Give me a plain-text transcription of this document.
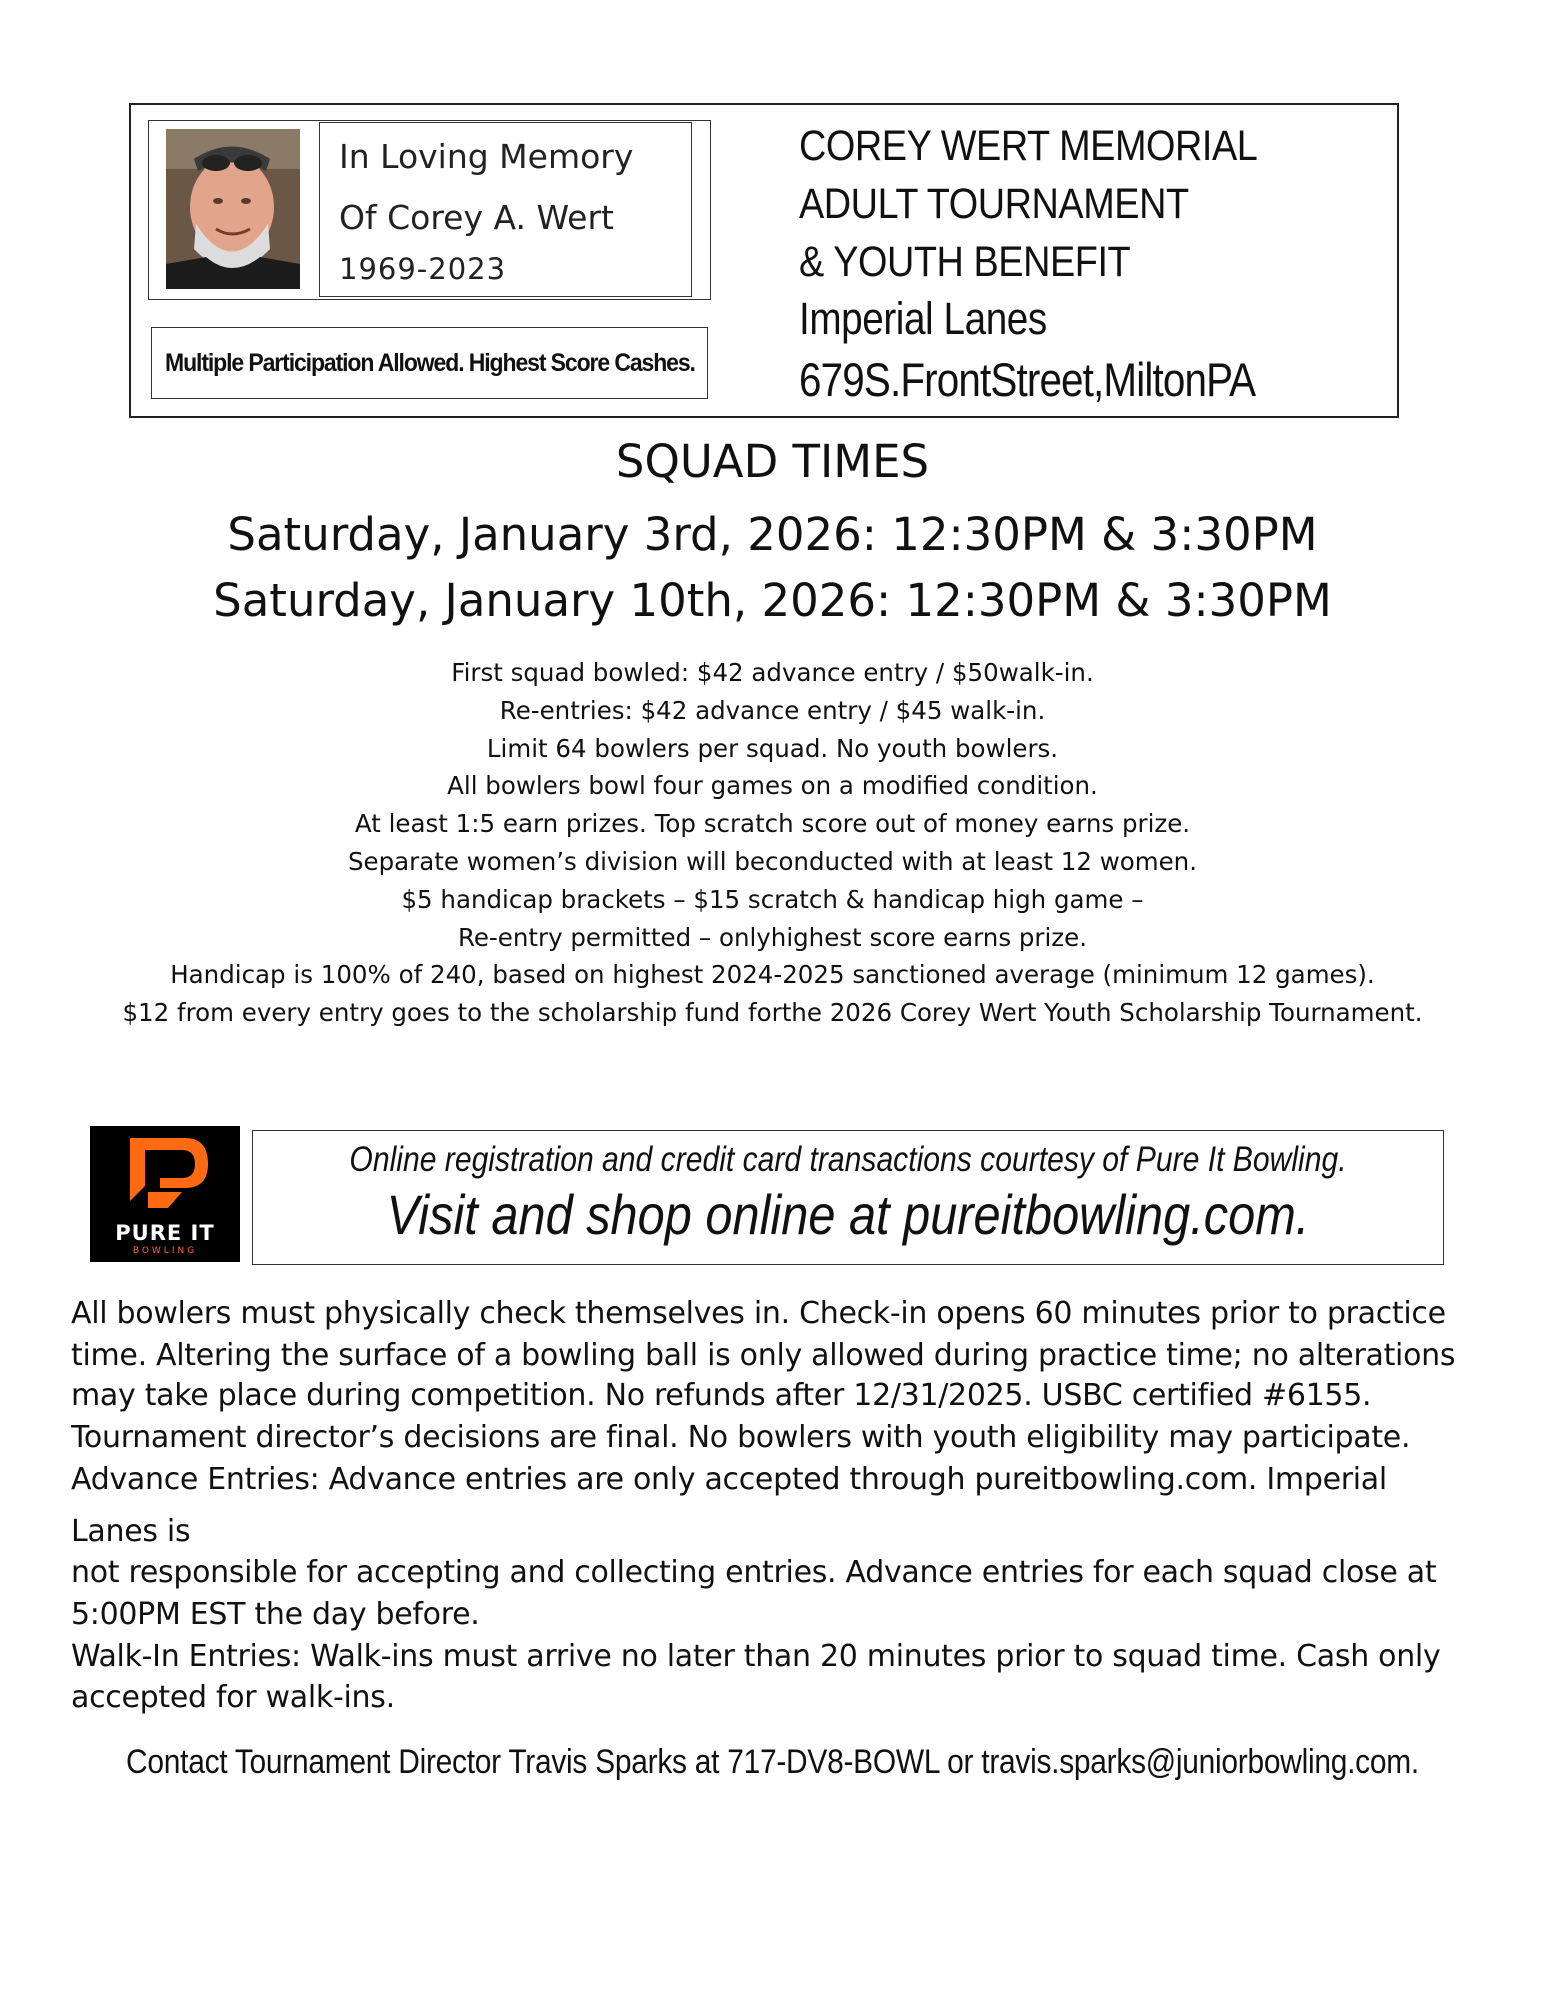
In Loving Memory
Of Corey A. Wert
1969-2023
Multiple Participation Allowed. Highest Score Cashes.
COREY WERT MEMORIAL
ADULT TOURNAMENT
& YOUTH BENEFIT
Imperial Lanes
679S.FrontStreet,MiltonPA
SQUAD TIMES
Saturday, January 3rd, 2026: 12:30PM & 3:30PM
Saturday, January 10th, 2026: 12:30PM & 3:30PM
First squad bowled: $42 advance entry / $50walk-in.
Re-entries: $42 advance entry / $45 walk-in.
Limit 64 bowlers per squad. No youth bowlers.
All bowlers bowl four games on a modified condition.
At least 1:5 earn prizes. Top scratch score out of money earns prize.
Separate women’s division will beconducted with at least 12 women.
$5 handicap brackets – $15 scratch & handicap high game –
Re-entry permitted – onlyhighest score earns prize.
Handicap is 100% of 240, based on highest 2024-2025 sanctioned average (minimum 12 games).
$12 from every entry goes to the scholarship fund forthe 2026 Corey Wert Youth Scholarship Tournament.
PURE IT
BOWLING
Online registration and credit card transactions courtesy of Pure It Bowling.
Visit and shop online at pureitbowling.com.
All bowlers must physically check themselves in. Check-in opens 60 minutes prior to practice
time. Altering the surface of a bowling ball is only allowed during practice time; no alterations
may take place during competition. No refunds after 12/31/2025. USBC certified #6155.
Tournament director’s decisions are final. No bowlers with youth eligibility may participate.
Advance Entries: Advance entries are only accepted through pureitbowling.com. Imperial
Lanes is
not responsible for accepting and collecting entries. Advance entries for each squad close at
5:00PM EST the day before.
Walk-In Entries: Walk-ins must arrive no later than 20 minutes prior to squad time. Cash only
accepted for walk-ins.
Contact Tournament Director Travis Sparks at 717-DV8-BOWL or travis.sparks@juniorbowling.com.
